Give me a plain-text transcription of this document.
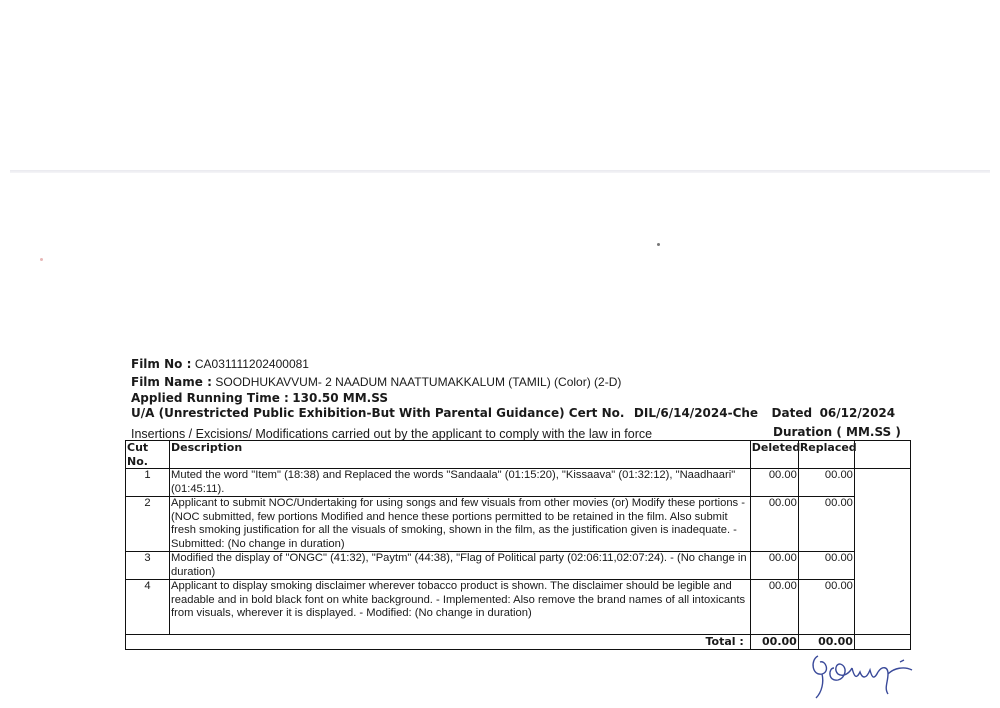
Film No : CA031111202400081
Film Name : SOODHUKAVVUM- 2 NAADUM NAATTUMAKKALUM (TAMIL) (Color) (2-D)
Applied Running Time : 130.50 MM.SS
U/A (Unrestricted Public Exhibition-But With Parental Guidance) Cert No. DIL/6/14/2024-Che Dated 06/12/2024
Insertions / Excisions/ Modifications carried out by the applicant to comply with the law in force	Duration ( MM.SS )
Cut No.	Description	Deleted	Replaced	
1	Muted the word "Item" (18:38) and Replaced the words "Sandaala" (01:15:20), "Kissaava" (01:32:12), "Naadhaari" (01:45:11).	00.00	00.00	
2	Applicant to submit NOC/Undertaking for using songs and few visuals from other movies (or) Modify these portions - (NOC submitted, few portions Modified and hence these portions permitted to be retained in the film. Also submit fresh smoking justification for all the visuals of smoking, shown in the film, as the justification given is inadequate. - Submitted: (No change in duration)	00.00	00.00	
3	Modified the display of "ONGC" (41:32), "Paytm" (44:38), "Flag of Political party (02:06:11,02:07:24). - (No change in duration)	00.00	00.00	
4	Applicant to display smoking disclaimer wherever tobacco product is shown. The disclaimer should be legible and readable and in bold black font on white background. - Implemented: Also remove the brand names of all intoxicants from visuals, wherever it is displayed. - Modified: (No change in duration)	00.00	00.00	
Total :		00.00	00.00	
